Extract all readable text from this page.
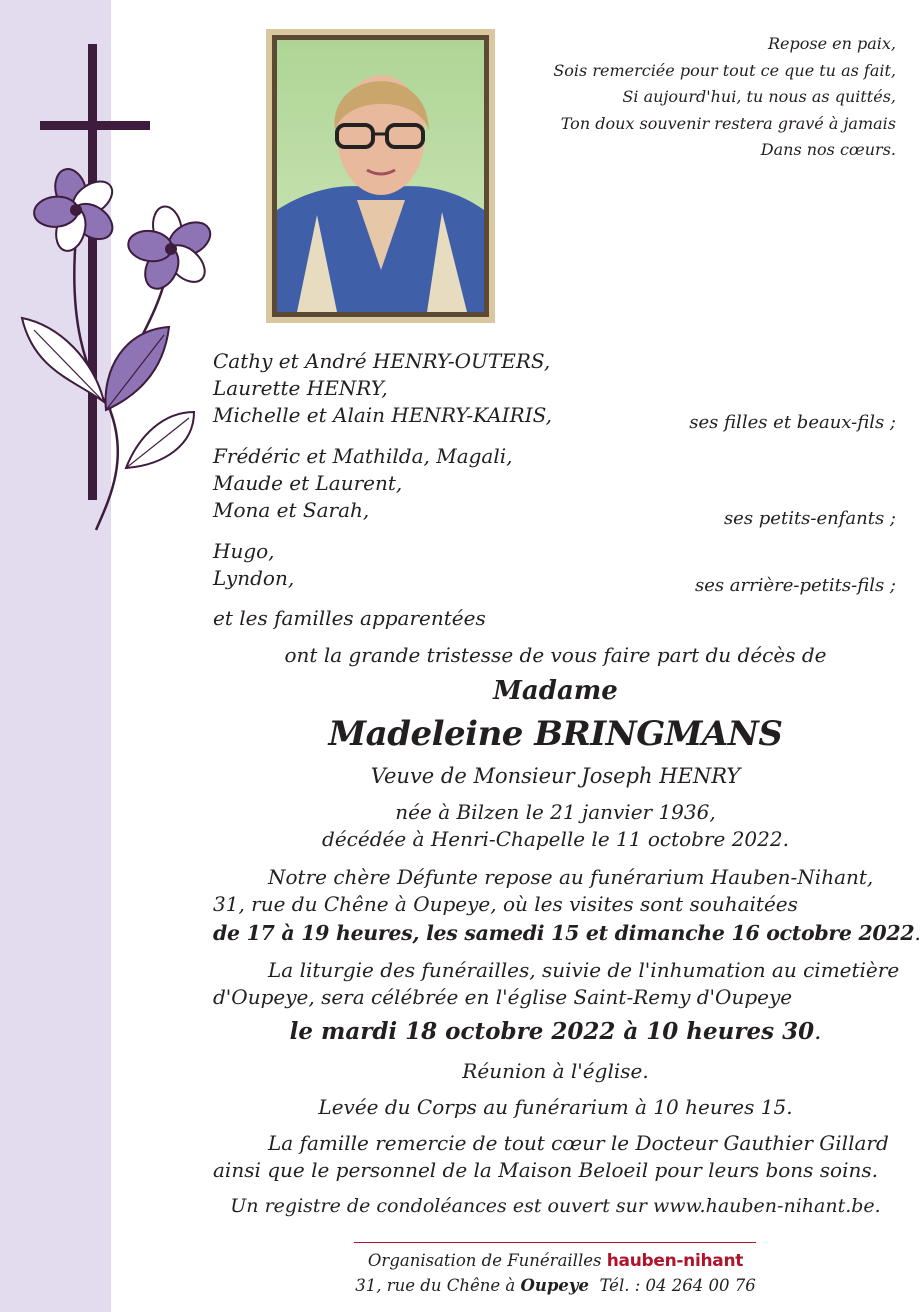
Repose en paix,
Sois remerciée pour tout ce que tu as fait,
Si aujourd'hui, tu nous as quittés,
Ton doux souvenir restera gravé à jamais
Dans nos cœurs.
Cathy et André HENRY-OUTERS,
Laurette HENRY,
Michelle et Alain HENRY-KAIRIS,	ses filles et beaux-fils ;
Frédéric et Mathilda, Magali,
Maude et Laurent,
Mona et Sarah,	ses petits-enfants ;
Hugo,
Lyndon,	ses arrière-petits-fils ;
et les familles apparentées
ont la grande tristesse de vous faire part du décès de
Madame
Madeleine BRINGMANS
Veuve de Monsieur Joseph HENRY
née à Bilzen le 21 janvier 1936,
décédée à Henri-Chapelle le 11 octobre 2022.
Notre chère Défunte repose au funérarium Hauben-Nihant,
31, rue du Chêne à Oupeye, où les visites sont souhaitées
de 17 à 19 heures, les samedi 15 et dimanche 16 octobre 2022.
La liturgie des funérailles, suivie de l'inhumation au cimetière
d'Oupeye, sera célébrée en l'église Saint-Remy d'Oupeye
le mardi 18 octobre 2022 à 10 heures 30.
Réunion à l'église.
Levée du Corps au funérarium à 10 heures 15.
La famille remercie de tout cœur le Docteur Gauthier Gillard
ainsi que le personnel de la Maison Beloeil pour leurs bons soins.
Un registre de condoléances est ouvert sur www.hauben-nihant.be.
Organisation de Funérailles hauben-nihant
31, rue du Chêne à Oupeye Tél. : 04 264 00 76
